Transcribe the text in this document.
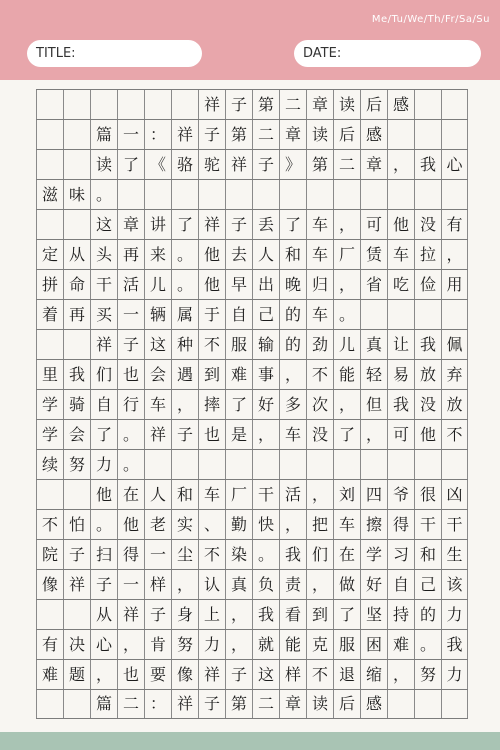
Me/Tu/We/Th/Fr/Sa/Su
TITLE:	DATE:
祥 子 第 二 章 读 后 感
篇 一 ： 祥 子 第 二 章 读 后 感
读 了 《 骆 驼 祥 子 》 第 二 章 ， 我 心
滋 味 。
这 章 讲 了 祥 子 丢 了 车 ， 可 他 没 有
定 从 头 再 来 。 他 去 人 和 车 厂 赁 车 拉 ，
拼 命 干 活 儿 。 他 早 出 晚 归 ， 省 吃 俭 用
着 再 买 一 辆 属 于 自 己 的 车 。
祥 子 这 种 不 服 输 的 劲 儿 真 让 我 佩
里 我 们 也 会 遇 到 难 事 ， 不 能 轻 易 放 弃
学 骑 自 行 车 ， 摔 了 好 多 次 ， 但 我 没 放
学 会 了 。 祥 子 也 是 ， 车 没 了 ， 可 他 不
续 努 力 。
他 在 人 和 车 厂 干 活 ， 刘 四 爷 很 凶
不 怕 。 他 老 实 、 勤 快 ， 把 车 擦 得 干 干
院 子 扫 得 一 尘 不 染 。 我 们 在 学 习 和 生
像 祥 子 一 样 ， 认 真 负 责 ， 做 好 自 己 该
从 祥 子 身 上 ， 我 看 到 了 坚 持 的 力
有 决 心 ， 肯 努 力 ， 就 能 克 服 困 难 。 我
难 题 ， 也 要 像 祥 子 这 样 不 退 缩 ， 努 力
篇 二 ： 祥 子 第 二 章 读 后 感
